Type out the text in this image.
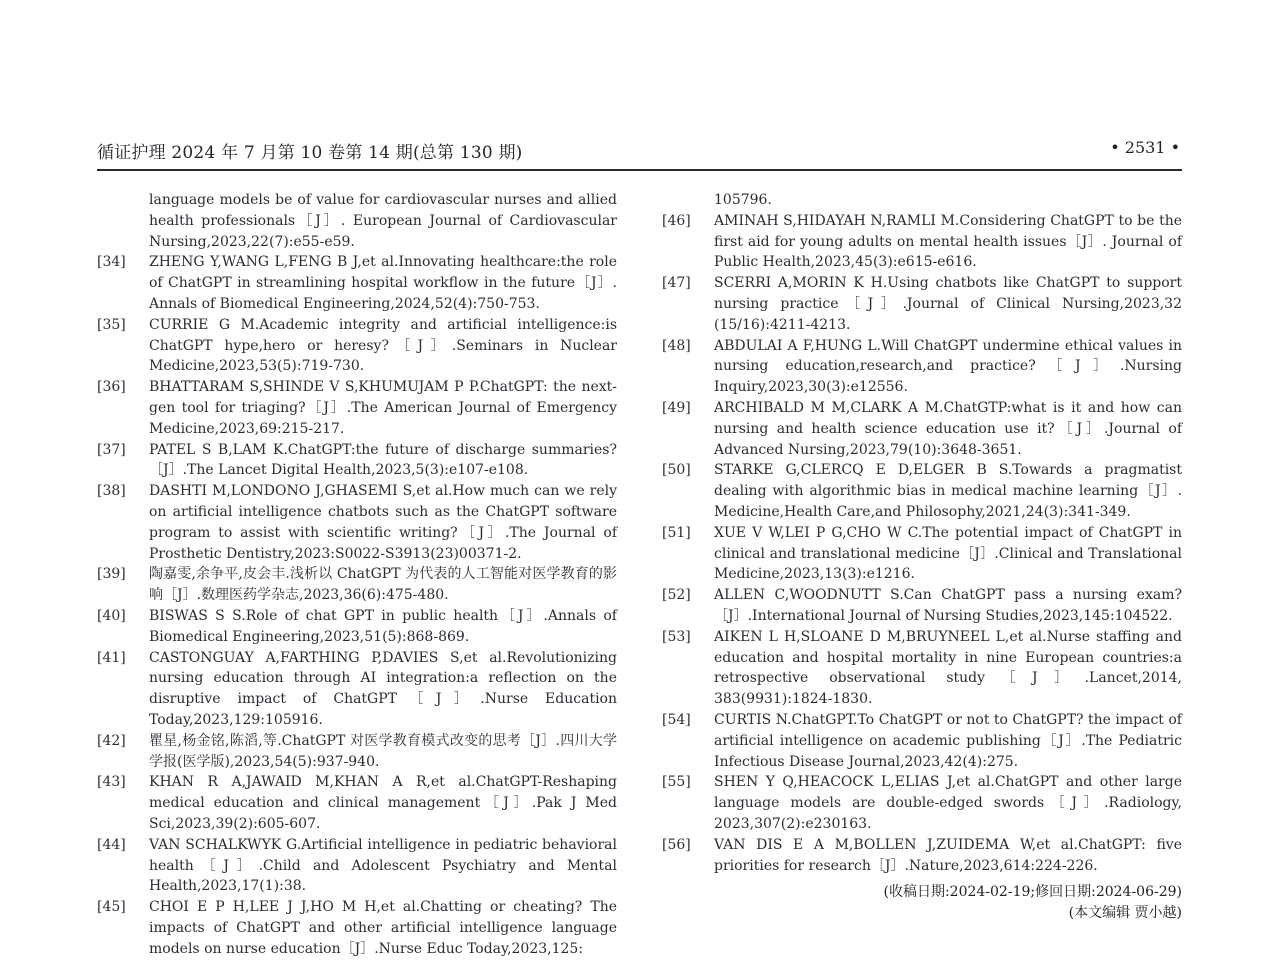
循证护理 2024 年 7 月第 10 卷第 14 期(总第 130 期)	• 2531 •
language models be of value for cardiovascular nurses and allied health professionals［J］. European Journal of Cardiovascular Nursing,2023,22(7):e55-e59.
[34]	ZHENG Y,WANG L,FENG B J,et al.Innovating healthcare:the role of ChatGPT in streamlining hospital workflow in the future［J］. Annals of Biomedical Engineering,2024,52(4):750-753.
[35]	CURRIE G M.Academic integrity and artificial intelligence:is ChatGPT hype,hero or heresy?［J］.Seminars in Nuclear Medicine,2023,53(5):719-730.
[36]	BHATTARAM S,SHINDE V S,KHUMUJAM P P.ChatGPT: the next-gen tool for triaging?［J］.The American Journal of Emergency Medicine,2023,69:215-217.
[37]	PATEL S B,LAM K.ChatGPT:the future of discharge summaries?［J］.The Lancet Digital Health,2023,5(3):e107-e108.
[38]	DASHTI M,LONDONO J,GHASEMI S,et al.How much can we rely on artificial intelligence chatbots such as the ChatGPT software program to assist with scientific writing?［J］.The Journal of Prosthetic Dentistry,2023:S0022-S3913(23)00371-2.
[39]	陶嘉雯,余争平,皮会丰.浅析以 ChatGPT 为代表的人工智能对医学教育的影响［J］.数理医药学杂志,2023,36(6):475-480.
[40]	BISWAS S S.Role of chat GPT in public health［J］.Annals of Biomedical Engineering,2023,51(5):868-869.
[41]	CASTONGUAY A,FARTHING P,DAVIES S,et al.Revolutionizing nursing education through AI integration:a reflection on the disruptive impact of ChatGPT［J］.Nurse Education Today,2023,129:105916.
[42]	瞿星,杨金铭,陈滔,等.ChatGPT 对医学教育模式改变的思考［J］.四川大学学报(医学版),2023,54(5):937-940.
[43]	KHAN R A,JAWAID M,KHAN A R,et al.ChatGPT-Reshaping medical education and clinical management［J］.Pak J Med Sci,2023,39(2):605-607.
[44]	VAN SCHALKWYK G.Artificial intelligence in pediatric behavioral health［J］.Child and Adolescent Psychiatry and Mental Health,2023,17(1):38.
[45]	CHOI E P H,LEE J J,HO M H,et al.Chatting or cheating? The impacts of ChatGPT and other artificial intelligence language models on nurse education［J］.Nurse Educ Today,2023,125:
105796.
[46]	AMINAH S,HIDAYAH N,RAMLI M.Considering ChatGPT to be the first aid for young adults on mental health issues［J］. Journal of Public Health,2023,45(3):e615-e616.
[47]	SCERRI A,MORIN K H.Using chatbots like ChatGPT to support nursing practice［J］.Journal of Clinical Nursing,2023,32 (15/16):4211-4213.
[48]	ABDULAI A F,HUNG L.Will ChatGPT undermine ethical values in nursing education,research,and practice?［J］.Nursing Inquiry,2023,30(3):e12556.
[49]	ARCHIBALD M M,CLARK A M.ChatGTP:what is it and how can nursing and health science education use it?［J］.Journal of Advanced Nursing,2023,79(10):3648-3651.
[50]	STARKE G,CLERCQ E D,ELGER B S.Towards a pragmatist dealing with algorithmic bias in medical machine learning［J］. Medicine,Health Care,and Philosophy,2021,24(3):341-349.
[51]	XUE V W,LEI P G,CHO W C.The potential impact of ChatGPT in clinical and translational medicine［J］.Clinical and Translational Medicine,2023,13(3):e1216.
[52]	ALLEN C,WOODNUTT S.Can ChatGPT pass a nursing exam?［J］.International Journal of Nursing Studies,2023,145:104522.
[53]	AIKEN L H,SLOANE D M,BRUYNEEL L,et al.Nurse staffing and education and hospital mortality in nine European countries:a retrospective observational study［J］.Lancet,2014, 383(9931):1824-1830.
[54]	CURTIS N.ChatGPT.To ChatGPT or not to ChatGPT? the impact of artificial intelligence on academic publishing［J］.The Pediatric Infectious Disease Journal,2023,42(4):275.
[55]	SHEN Y Q,HEACOCK L,ELIAS J,et al.ChatGPT and other large language models are double-edged swords［J］.Radiology, 2023,307(2):e230163.
[56]	VAN DIS E A M,BOLLEN J,ZUIDEMA W,et al.ChatGPT: five priorities for research［J］.Nature,2023,614:224-226.
(收稿日期:2024-02-19;修回日期:2024-06-29)
(本文编辑 贾小越)
